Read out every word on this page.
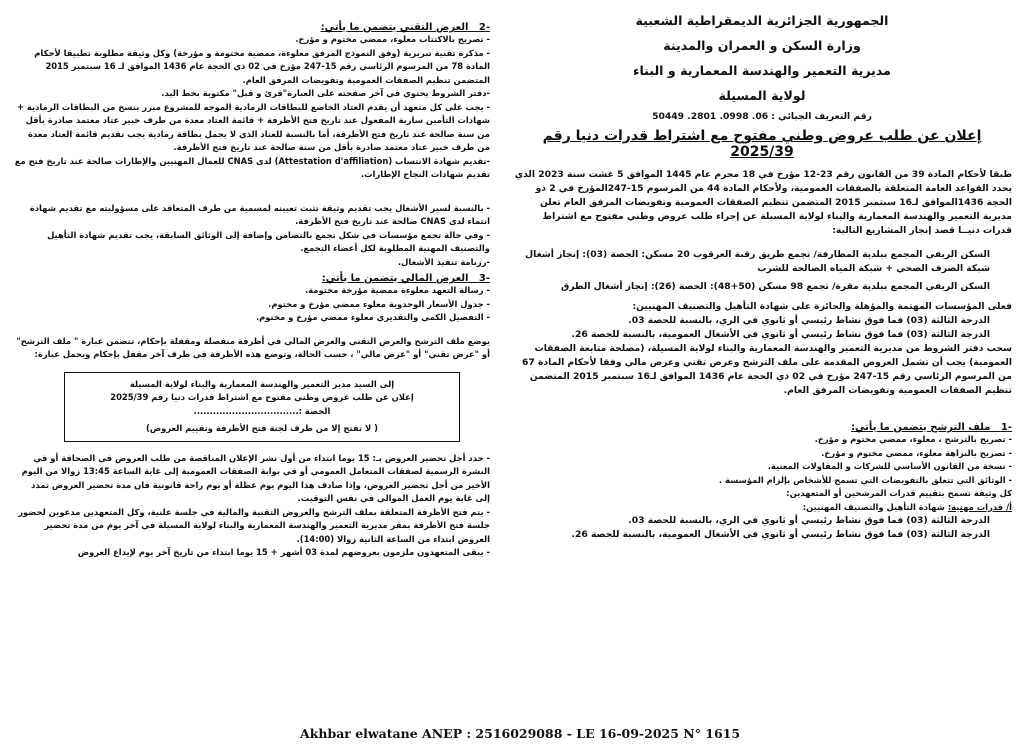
الجمهورية الجزائرية الديمقراطية الشعبية

وزارة السكن و العمران والمدينة

مديرية التعمير والهندسة المعمارية و البناء

لولاية المسيلة

رقم التعريف الجبائي : 06. 0998. 2801. 50449

إعلان عن طلب عروض وطني مفتوح مع اشتراط قدرات دنيا رقم 2025/39

طبقا لأحكام المادة 39 من القانون رقم 23-12 مؤرخ في 18 محرم عام 1445 الموافق 5 غشت سنة 2023 الذي يحدد القواعد العامة المتعلقة بالصفقات العمومية، ولأحكام المادة 44 من المرسوم 15-247المؤرخ في 2 ذو الحجة 1436الموافق لـ16 سبتمبر 2015 المتضمن تنظيم الصفقات العمومية وتفويضات المرفق العام تعلن مديرية التعمير والهندسة المعمارية والبناء لولاية المسيلة عن إجراء طلب عروض وطني مفتوح مع اشتراط قدرات دنيــا قصد إنجاز المشاريع التالية:

السكن الريفي المجمع ببلدية المطارفة/ تجمع طريق رقبة العرقوب 20 مسكن: الحصة (03): إنجاز أشغال شبكة الصرف الصحي + شبكة المياه الصالحة للشرب

السكن الريفي المجمع ببلدية مقرة/ تجمع 98 مسكن (50+48): الحصة (26): إنجاز أشغال الطرق

فعلى المؤسسات المهتمة والمؤهلة والحائزة على شهادة التأهيل والتصنيف المهنيين:

الدرجة الثالثة (03) فما فوق نشاط رئيسي أو ثانوي في الري، بالنسبة للحصة 03.

الدرجة الثالثة (03) فما فوق نشاط رئيسي أو ثانوي في الأشغال العمومية، بالنسبة للحصة 26.

سحب دفتر الشروط من مديرية التعمير والهندسة المعمارية والبناء لولاية المسيلة، (مصلحة متابعة الصفقات العمومية) يجب أن تشمل العروض المقدمة على ملف الترشح وعرض تقني وعرض مالي وفقا لأحكام المادة 67 من المرسوم الرئاسي رقم 15-247 مؤرخ في 02 ذي الحجة عام 1436 الموافق لـ16 سبتمبر 2015 المتضمن تنظيم الصفقات العمومية وتفويضات المرفق العام.

-1   ملف الترشح يتضمن ما يأتي:

- تصريح بالترشح ، معلوء، ممضي مختوم و مؤرخ.

- تصريح بالنزاهة معلوء، ممضي مختوم و مؤرخ.

- نسخة من القانون الأساسي للشركات و المقاولات المعنية.

- الوثائق التي تتعلق بالتفويضات التي تسمح للأشخاص بإلزام المؤسسة .

كل وثيقة تسمح بتقييم قدرات المرشحين أو المتعهدين:

أ/ قدرات مهنية: شهادة التأهيل والتصنيف المهنيين:

الدرجة الثالثة (03) فما فوق نشاط رئيسي أو ثانوي في الري، بالنسبة للحصة 03.

الدرجة الثالثة (03) فما فوق نشاط رئيسي أو ثانوي في الأشغال العمومية، بالنسبة للحصة 26.

-2   العرض التقني يتضمن ما يأتي:

- تصريح بالاكتتاب معلوء، ممضي مختوم و مؤرخ.

- مذكرة تقنية تبريرية (وفق النموذج المرفق معلوءة، ممضية مختومة و مؤرخة) وكل وثيقة مطلوبة تطبيقا لأحكام المادة 78 من المرسوم الرئاسي رقم 15-247 مؤرخ في 02 ذي الحجة عام 1436 الموافق لـ 16 سبتمبر 2015 المتضمن تنظيم الصفقات العمومية وتفويضات المرفق العام.

-دفتر الشروط يحتوي في آخر صفحته على العبارة"قرئ و قبل" مكتوبة بخط اليد.

- يجب على كل متعهد أن يقدم العتاد الخاضع للبطاقات الرمادية الموجه للمشروع مبرر بنسخ من البطاقات الرمادية + شهادات التأمين سارية المفعول عند تاريخ فتح الأظرفة + قائمة العتاد معدة من طرف خبير عتاد معتمد صادرة بأقل من سنة صالحة عند تاريخ فتح الأظرفة، أما بالنسبة للعتاد الذي لا يحمل بطاقة رمادية يجب تقديم قائمة العتاد معدة من طرف خبير عتاد معتمد صادرة بأقل من سنة صالحة عند تاريخ فتح الأظرفة.

-تقديم شهادة الانتساب (Attestation d'affiliation) لدى CNAS للعمال المهنيين والإطارات صالحة عند تاريخ فتح مع تقديم شهادات النجاح الإطارات.

- بالنسبة لسير الأشغال يجب تقديم وثيقة تثبت تعيينه لمسمية من طرف المتعاقد على مسؤوليته مع تقديم شهادة انتماء لدى CNAS صالحة عند تاريخ فتح الأظرفة.

- وفي حالة تجمع مؤسسات في شكل تجمع بالتضامن وإضافة إلى الوثائق السابقة، يجب تقديم شهادة التأهيل والتصنيف المهنية المطلوبة لكل أعضاء التجمع.

-رزنامة تنفيذ الأشغال.

-3   العرض المالي يتضمن ما يأتي:

- رسالة التعهد معلوءة ممضية مؤرخة مختومة.

- جدول الأسعار الوحدوية معلوء ممضي مؤرخ و مختوم.

- التفصيل الكمي والتقديري معلوء ممضي مؤرخ و مختوم.

يوضع ملف الترشح والعرض التقني والعرض المالي في أظرفة منفصلة ومقفلة بإحكام، تتضمن عبارة " ملف الترشح" أو "عرض تقني" أو "عرض مالي" ، حسب الحالة، وتوضع هذه الأظرفة في ظرف آخر مقفل بإحكام ويحمل عبارة:

إلى السيد مدير التعمير والهندسة المعمارية والبناء لولاية المسيلة

إعلان عن طلب عروض وطني مفتوح مع اشتراط قدرات دنيا رقم 2025/39

الحصة :.................................

( لا تفتح إلا من طرف لجنة فتح الأظرفة وتقييم العروض)

- حدد أجل تحضير العروض بـ: 15 يوما ابتداء من أول نشر الإعلان المناقصة من طلب العروض في الصحافة أو في النشرة الرسمية لصفقات المتعامل العمومي أو في بوابة الصفقات العمومية إلى غاية الساعة 13:45 زوالا من اليوم الأخير من أجل تحضير العروض، وإذا صادف هذا اليوم يوم عطلة أو يوم راحة قانونية فان مدة تحضير العروض تمدد إلى غاية يوم العمل الموالي في نفس التوقيت.

- يتم فتح الأظرفة المتعلقة بملف الترشح والعروض التقنية والمالية في جلسة علنية، وكل المتعهدين مدعوين لحضور جلسة فتح الأظرفة بمقر مديرية التعمير والهندسة المعمارية والبناء لولاية المسيلة في آخر يوم من مدة تحضير العروض ابتداء من الساعة الثانية زوالا (14:00).

- يبقى المتعهدون ملزمون بعروضهم لمدة 03 أشهر + 15 يوما ابتداء من تاريخ آخر يوم لإيداع العروض

Akhbar elwatane ANEP : 2516029088 - LE 16-09-2025 N° 1615
